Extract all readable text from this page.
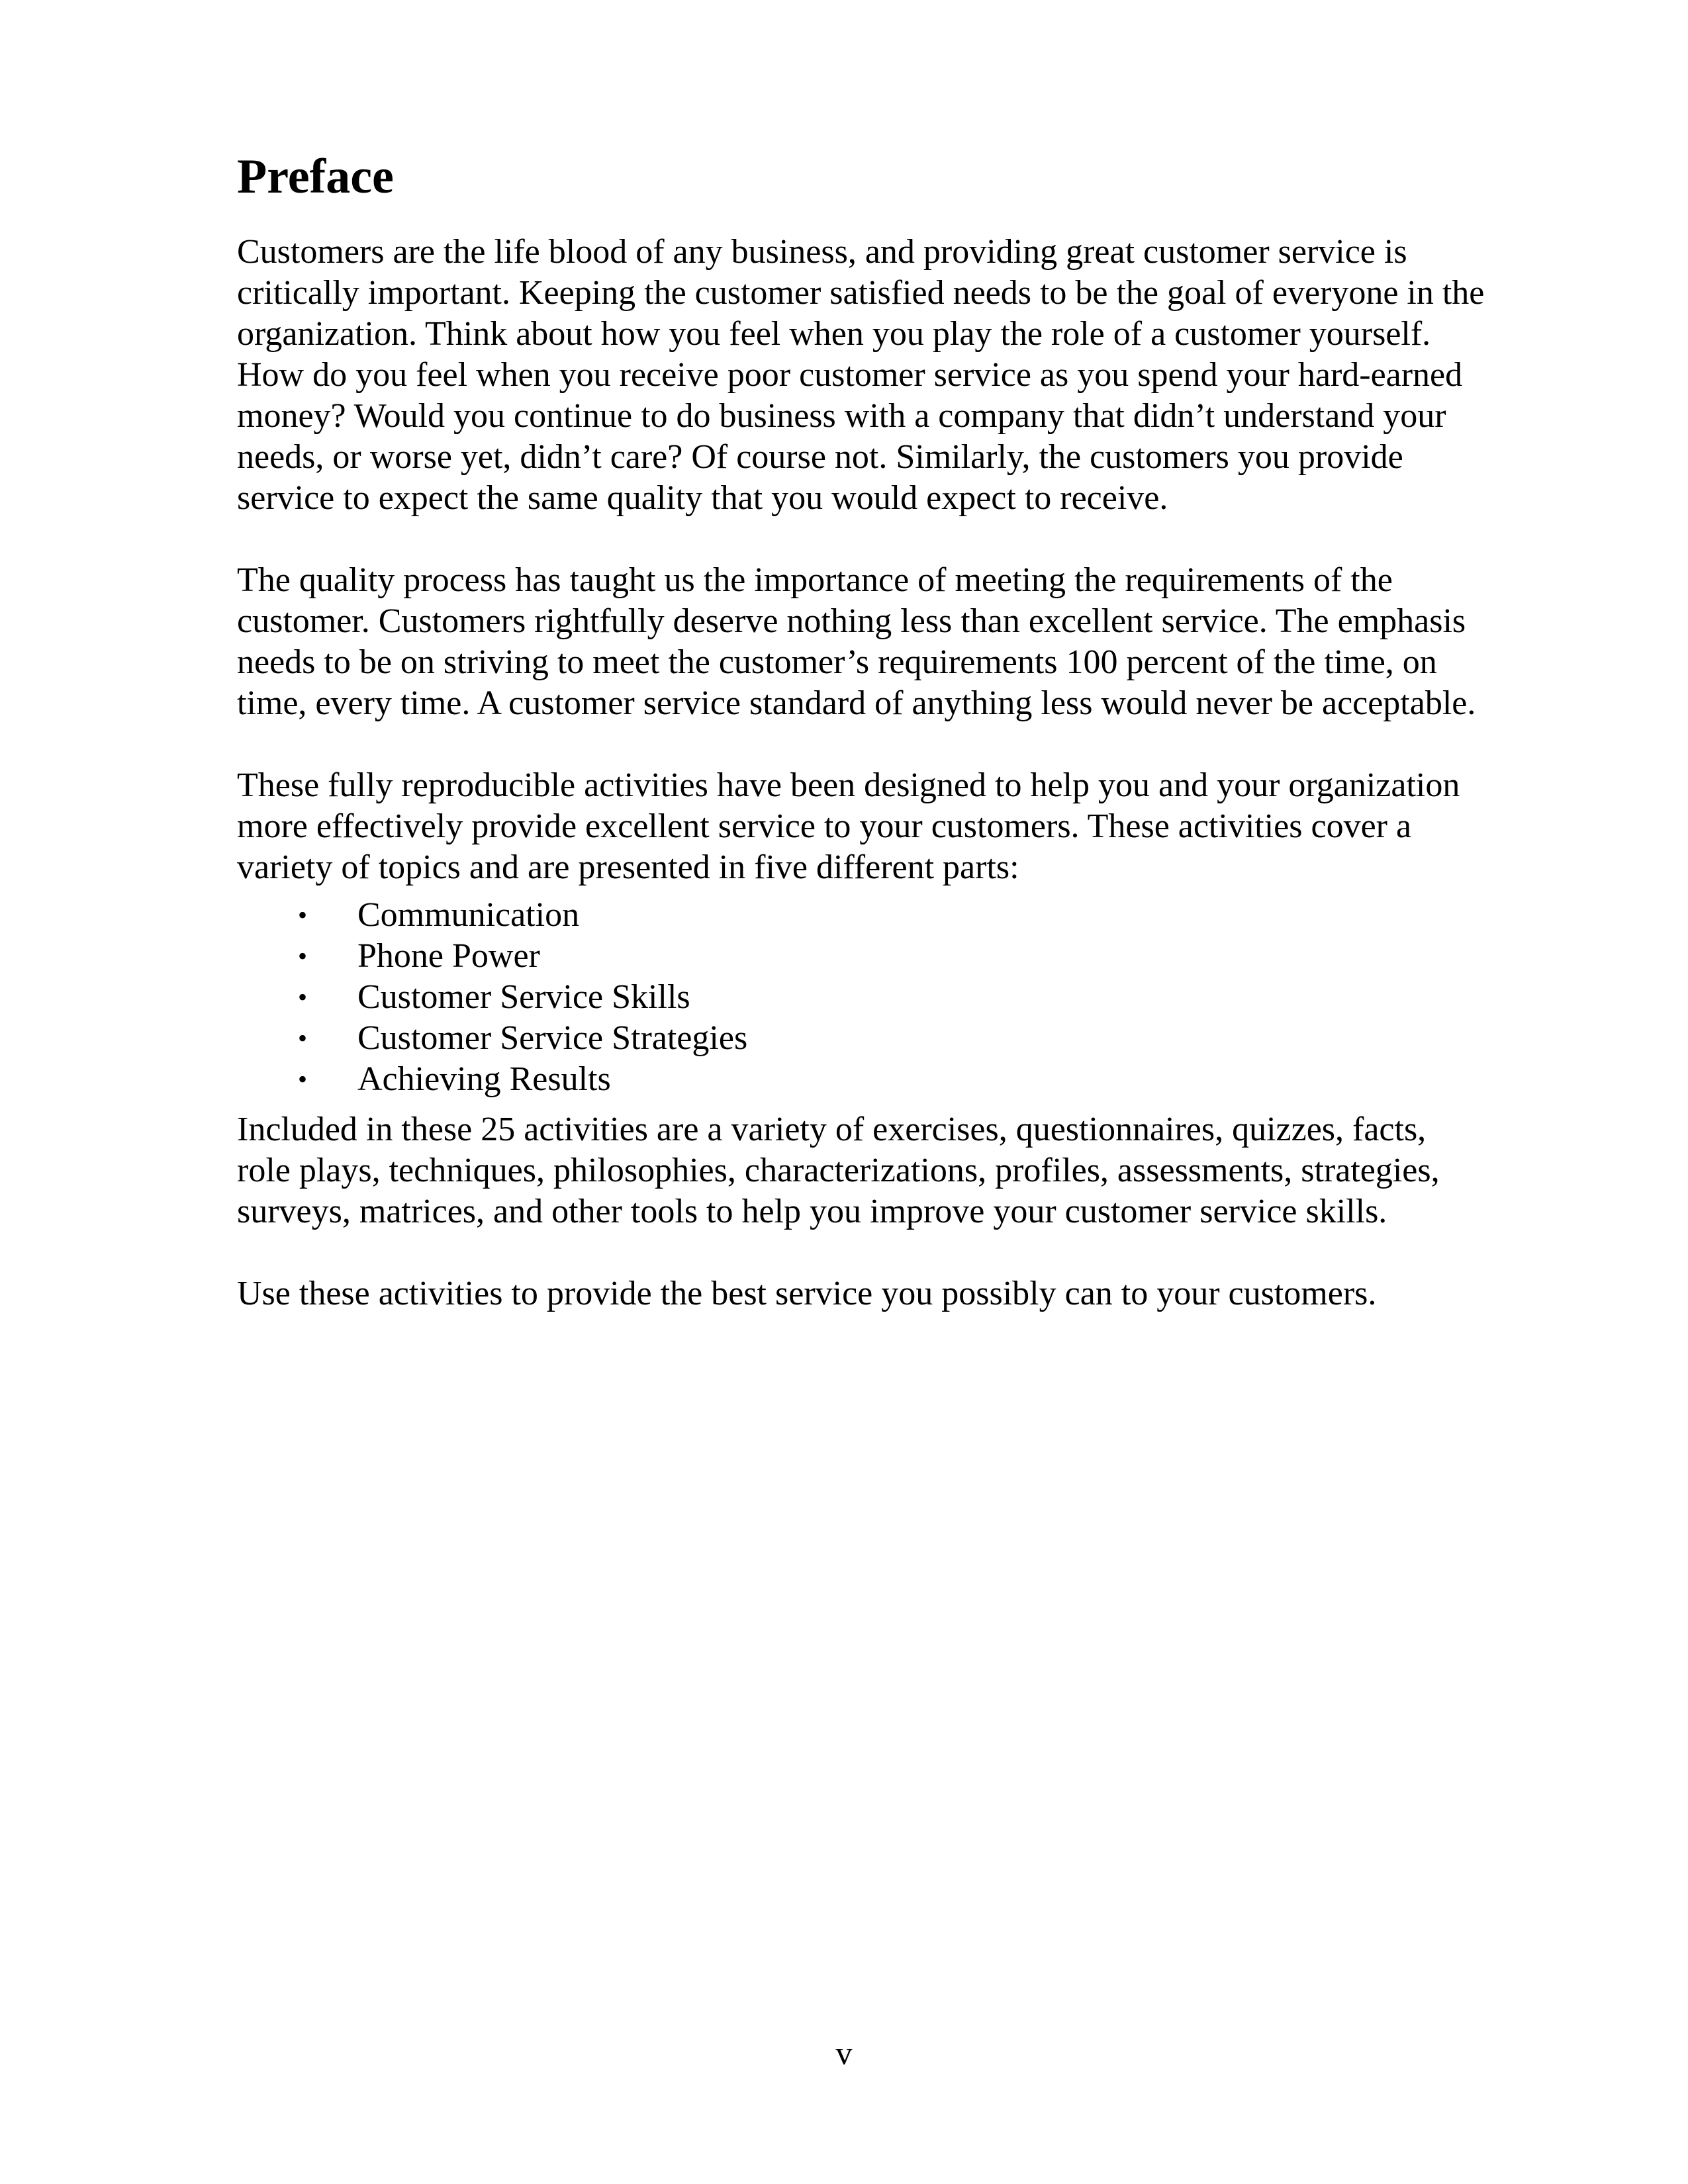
Preface

Customers are the life blood of any business, and providing great customer service is critically important. Keeping the customer satisfied needs to be the goal of everyone in the organization. Think about how you feel when you play the role of a customer yourself. How do you feel when you receive poor customer service as you spend your hard-earned money? Would you continue to do business with a company that didn’t understand your needs, or worse yet, didn’t care? Of course not. Similarly, the customers you provide service to expect the same quality that you would expect to receive.

The quality process has taught us the importance of meeting the requirements of the customer. Customers rightfully deserve nothing less than excellent service. The emphasis needs to be on striving to meet the customer’s requirements 100 percent of the time, on time, every time. A customer service standard of anything less would never be acceptable.

These fully reproducible activities have been designed to help you and your organization more effectively provide excellent service to your customers. These activities cover a variety of topics and are presented in five different parts:

• Communication
• Phone Power
• Customer Service Skills
• Customer Service Strategies
• Achieving Results

Included in these 25 activities are a variety of exercises, questionnaires, quizzes, facts, role plays, techniques, philosophies, characterizations, profiles, assessments, strategies, surveys, matrices, and other tools to help you improve your customer service skills.

Use these activities to provide the best service you possibly can to your customers.

v
